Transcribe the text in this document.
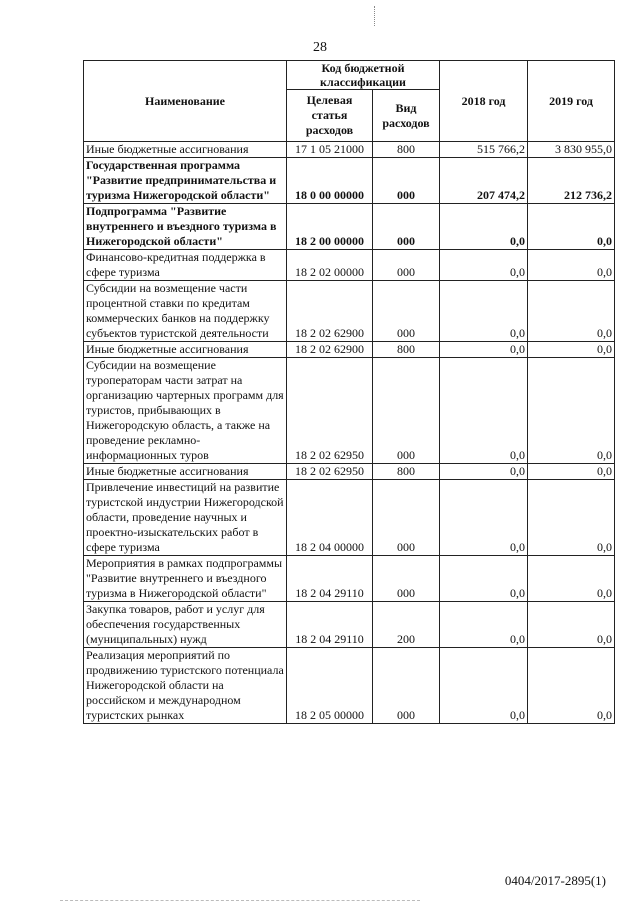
28
Наименование	Код бюджетной классификации		2018 год	2019 год
	Целевая статья расходов	Вид расходов		
Иные бюджетные ассигнования	17 1 05 21000	800	515 766,2	3 830 955,0
Государственная программа "Развитие предпринимательства и туризма Нижегородской области"	18 0 00 00000	000	207 474,2	212 736,2
Подпрограмма "Развитие внутреннего и въездного туризма в Нижегородской области"	18 2 00 00000	000	0,0	0,0
Финансово-кредитная поддержка в сфере туризма	18 2 02 00000	000	0,0	0,0
Субсидии на возмещение части процентной ставки по кредитам коммерческих банков на поддержку субъектов туристской деятельности	18 2 02 62900	000	0,0	0,0
Иные бюджетные ассигнования	18 2 02 62900	800	0,0	0,0
Субсидии на возмещение туроператорам части затрат на организацию чартерных программ для туристов, прибывающих в Нижегородскую область, а также на проведение рекламно-информационных туров	18 2 02 62950	000	0,0	0,0
Иные бюджетные ассигнования	18 2 02 62950	800	0,0	0,0
Привлечение инвестиций на развитие туристской индустрии Нижегородской области, проведение научных и проектно-изыскательских работ в сфере туризма	18 2 04 00000	000	0,0	0,0
Мероприятия в рамках подпрограммы "Развитие внутреннего и въездного туризма в Нижегородской области"	18 2 04 29110	000	0,0	0,0
Закупка товаров, работ и услуг для обеспечения государственных (муниципальных) нужд	18 2 04 29110	200	0,0	0,0
Реализация мероприятий по продвижению туристского потенциала Нижегородской области на российском и международном туристских рынках	18 2 05 00000	000	0,0	0,0
0404/2017-2895(1)
